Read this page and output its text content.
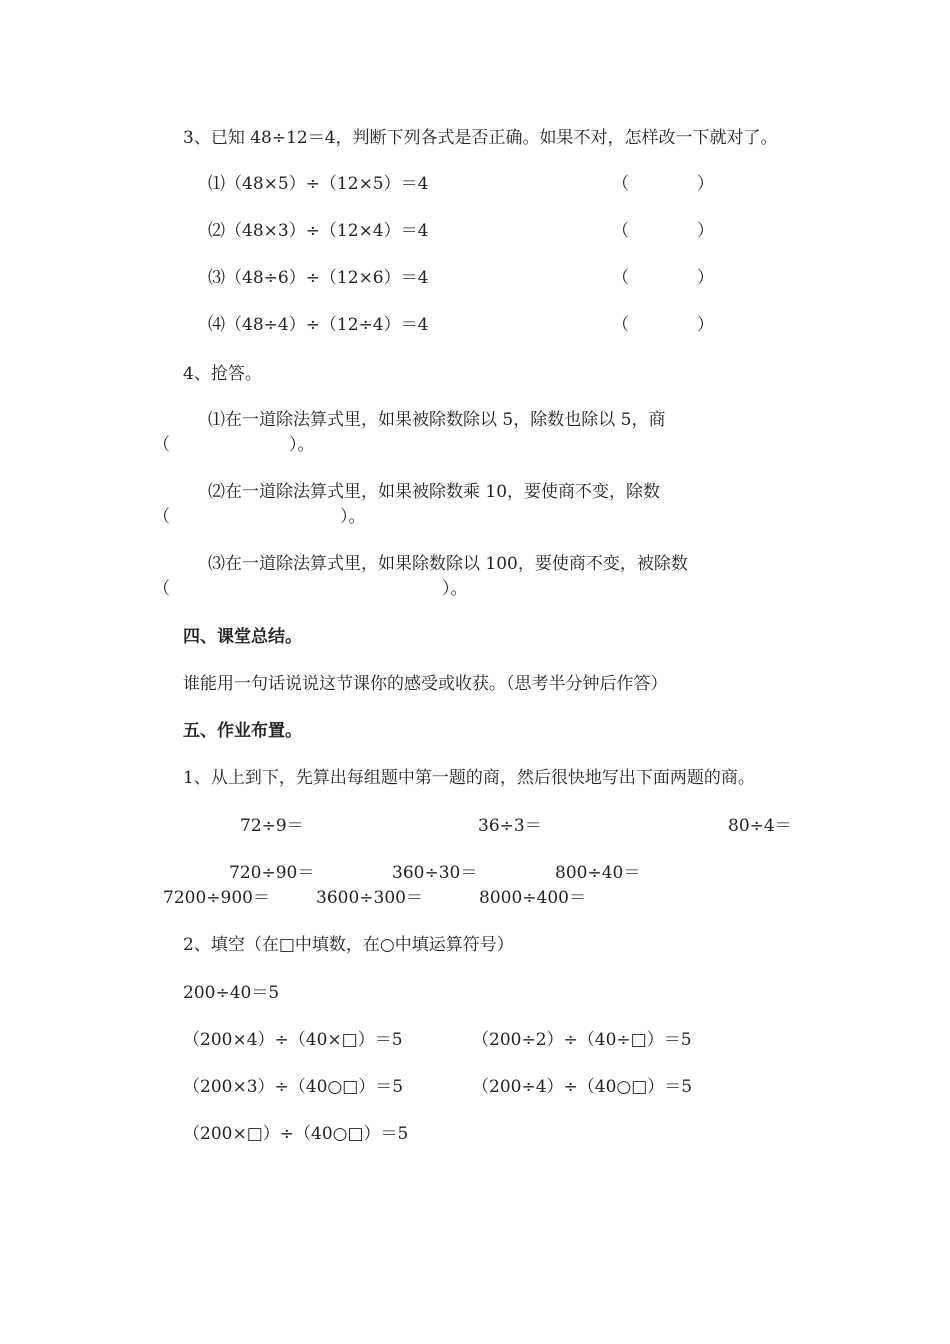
3、已知 48÷12＝4，判断下列各式是否正确。如果不对，怎样改一下就对了。
⑴（48×5）÷（12×5）＝4	（　　　　）
⑵（48×3）÷（12×4）＝4	（　　　　）
⑶（48÷6）÷（12×6）＝4	（　　　　）
⑷（48÷4）÷（12÷4）＝4	（　　　　）
4、抢答。
⑴在一道除法算式里，如果被除数除以 5，除数也除以 5，商
（　　　　　　　）。
⑵在一道除法算式里，如果被除数乘 10，要使商不变，除数
（　　　　　　　　　　）。
⑶在一道除法算式里，如果除数除以 100，要使商不变，被除数
（　　　　　　　　　　　　　　　　）。
四、课堂总结。
谁能用一句话说说这节课你的感受或收获。（思考半分钟后作答）
五、作业布置。
1、从上到下，先算出每组题中第一题的商，然后很快地写出下面两题的商。
72÷9＝	36÷3＝	80÷4＝
720÷90＝	360÷30＝	800÷40＝
7200÷900＝	3600÷300＝	8000÷400＝
2、填空（在□中填数，在○中填运算符号）
200÷40＝5
（200×4）÷（40×□）＝5	（200÷2）÷（40÷□）＝5
（200×3）÷（40○□）＝5	（200÷4）÷（40○□）＝5
（200×□）÷（40○□）＝5
